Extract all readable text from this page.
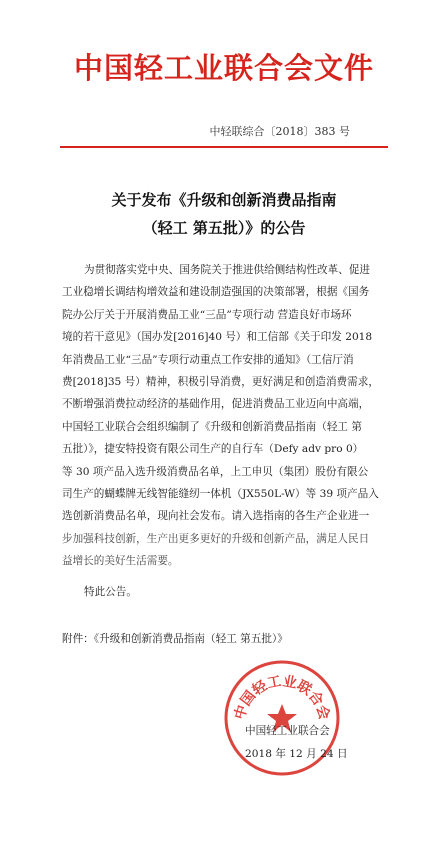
中国轻工业联合会文件
中轻联综合〔2018〕383 号
关于发布《升级和创新消费品指南
（轻工 第五批）》的公告
为贯彻落实党中央、国务院关于推进供给侧结构性改革、促进
工业稳增长调结构增效益和建设制造强国的决策部署，根据《国务
院办公厅关于开展消费品工业“三品”专项行动 营造良好市场环
境的若干意见》（国办发[2016]40 号）和工信部《关于印发 2018
年消费品工业“三品”专项行动重点工作安排的通知》（工信厅消
费[2018]35 号）精神，积极引导消费，更好满足和创造消费需求，
不断增强消费拉动经济的基础作用，促进消费品工业迈向中高端，
中国轻工业联合会组织编制了《升级和创新消费品指南（轻工 第
五批）》，捷安特投资有限公司生产的自行车（Defy adv pro 0）
等 30 项产品入选升级消费品名单，上工申贝（集团）股份有限公
司生产的蝴蝶牌无线智能缝纫一体机（JX550L-W）等 39 项产品入
选创新消费品名单，现向社会发布。请入选指南的各生产企业进一
步加强科技创新，生产出更多更好的升级和创新产品，满足人民日
益增长的美好生活需要。
特此公告。
附件：《升级和创新消费品指南（轻工 第五批）》
中国轻工业联合会
中国轻工业联合会
2018 年 12 月 24 日
